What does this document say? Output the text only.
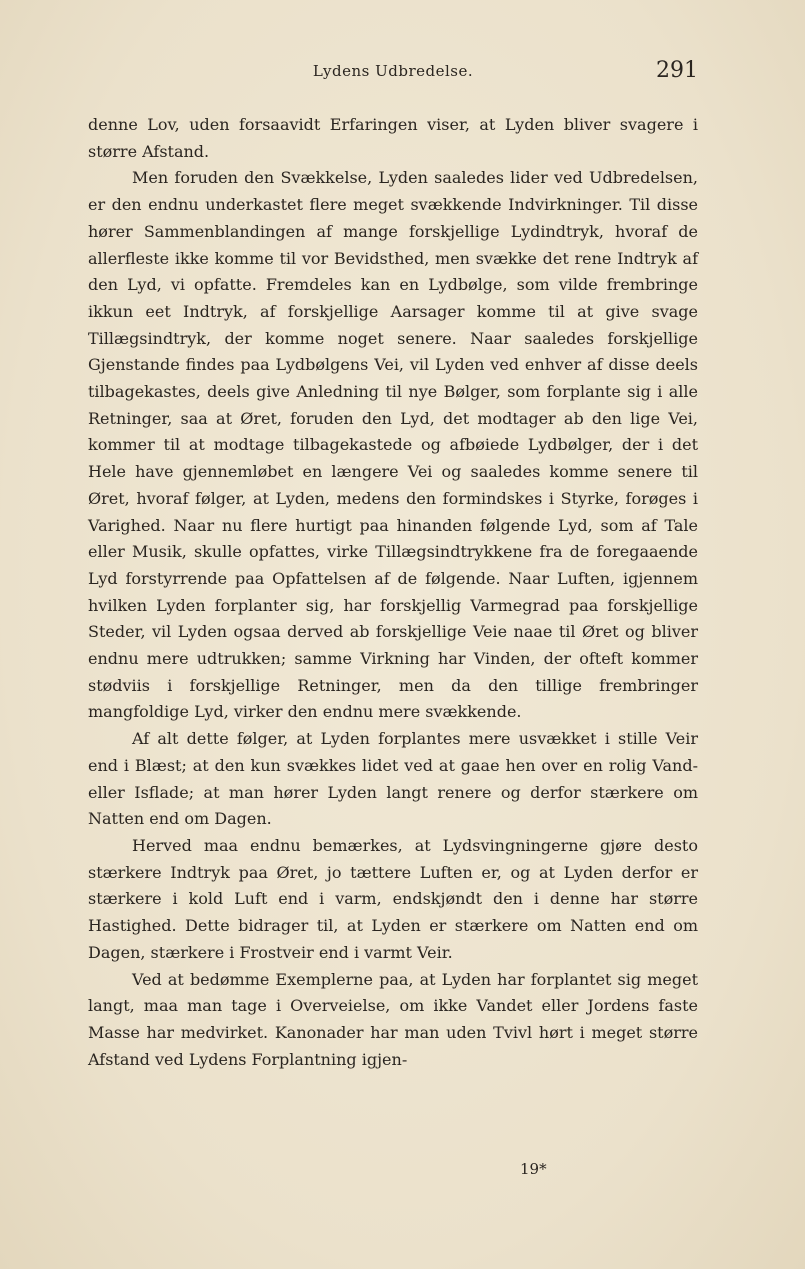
Lydens Udbredelse.	291

denne Lov, uden forsaavidt Erfaringen viser, at Lyden bliver svagere i større Afstand.

Men foruden den Svækkelse, Lyden saaledes lider ved Udbredelsen, er den endnu underkastet flere meget svækkende Indvirkninger. Til disse hører Sammenblandingen af mange forskjellige Lydindtryk, hvoraf de allerfleste ikke komme til vor Bevidsthed, men svække det rene Indtryk af den Lyd, vi opfatte. Fremdeles kan en Lydbølge, som vilde frembringe ikkun eet Indtryk, af forskjellige Aarsager komme til at give svage Tillægsindtryk, der komme noget senere. Naar saaledes forskjellige Gjenstande findes paa Lydbølgens Vei, vil Lyden ved enhver af disse deels tilbagekastes, deels give Anledning til nye Bølger, som forplante sig i alle Retninger, saa at Øret, foruden den Lyd, det modtager ab den lige Vei, kommer til at modtage tilbagekastede og afbøiede Lydbølger, der i det Hele have gjennemløbet en længere Vei og saaledes komme senere til Øret, hvoraf følger, at Lyden, medens den formindskes i Styrke, forøges i Varighed. Naar nu flere hurtigt paa hinanden følgende Lyd, som af Tale eller Musik, skulle opfattes, virke Tillægsindtrykkene fra de foregaaende Lyd forstyrrende paa Opfattelsen af de følgende. Naar Luften, igjennem hvilken Lyden forplanter sig, har forskjellig Varmegrad paa forskjellige Steder, vil Lyden ogsaa derved ab forskjellige Veie naae til Øret og bliver endnu mere udtrukken; samme Virkning har Vinden, der ofteft kommer stødviis i forskjellige Retninger, men da den tillige frembringer mangfoldige Lyd, virker den endnu mere svækkende.

Af alt dette følger, at Lyden forplantes mere usvækket i stille Veir end i Blæst; at den kun svækkes lidet ved at gaae hen over en rolig Vand- eller Isflade; at man hører Lyden langt renere og derfor stærkere om Natten end om Dagen.

Herved maa endnu bemærkes, at Lydsvingningerne gjøre desto stærkere Indtryk paa Øret, jo tættere Luften er, og at Lyden derfor er stærkere i kold Luft end i varm, endskjøndt den i denne har større Hastighed. Dette bidrager til, at Lyden er stærkere om Natten end om Dagen, stærkere i Frostveir end i varmt Veir.

Ved at bedømme Exemplerne paa, at Lyden har forplantet sig meget langt, maa man tage i Overveielse, om ikke Vandet eller Jordens faste Masse har medvirket. Kanonader har man uden Tvivl hørt i meget større Afstand ved Lydens Forplantning igjen-

19*
